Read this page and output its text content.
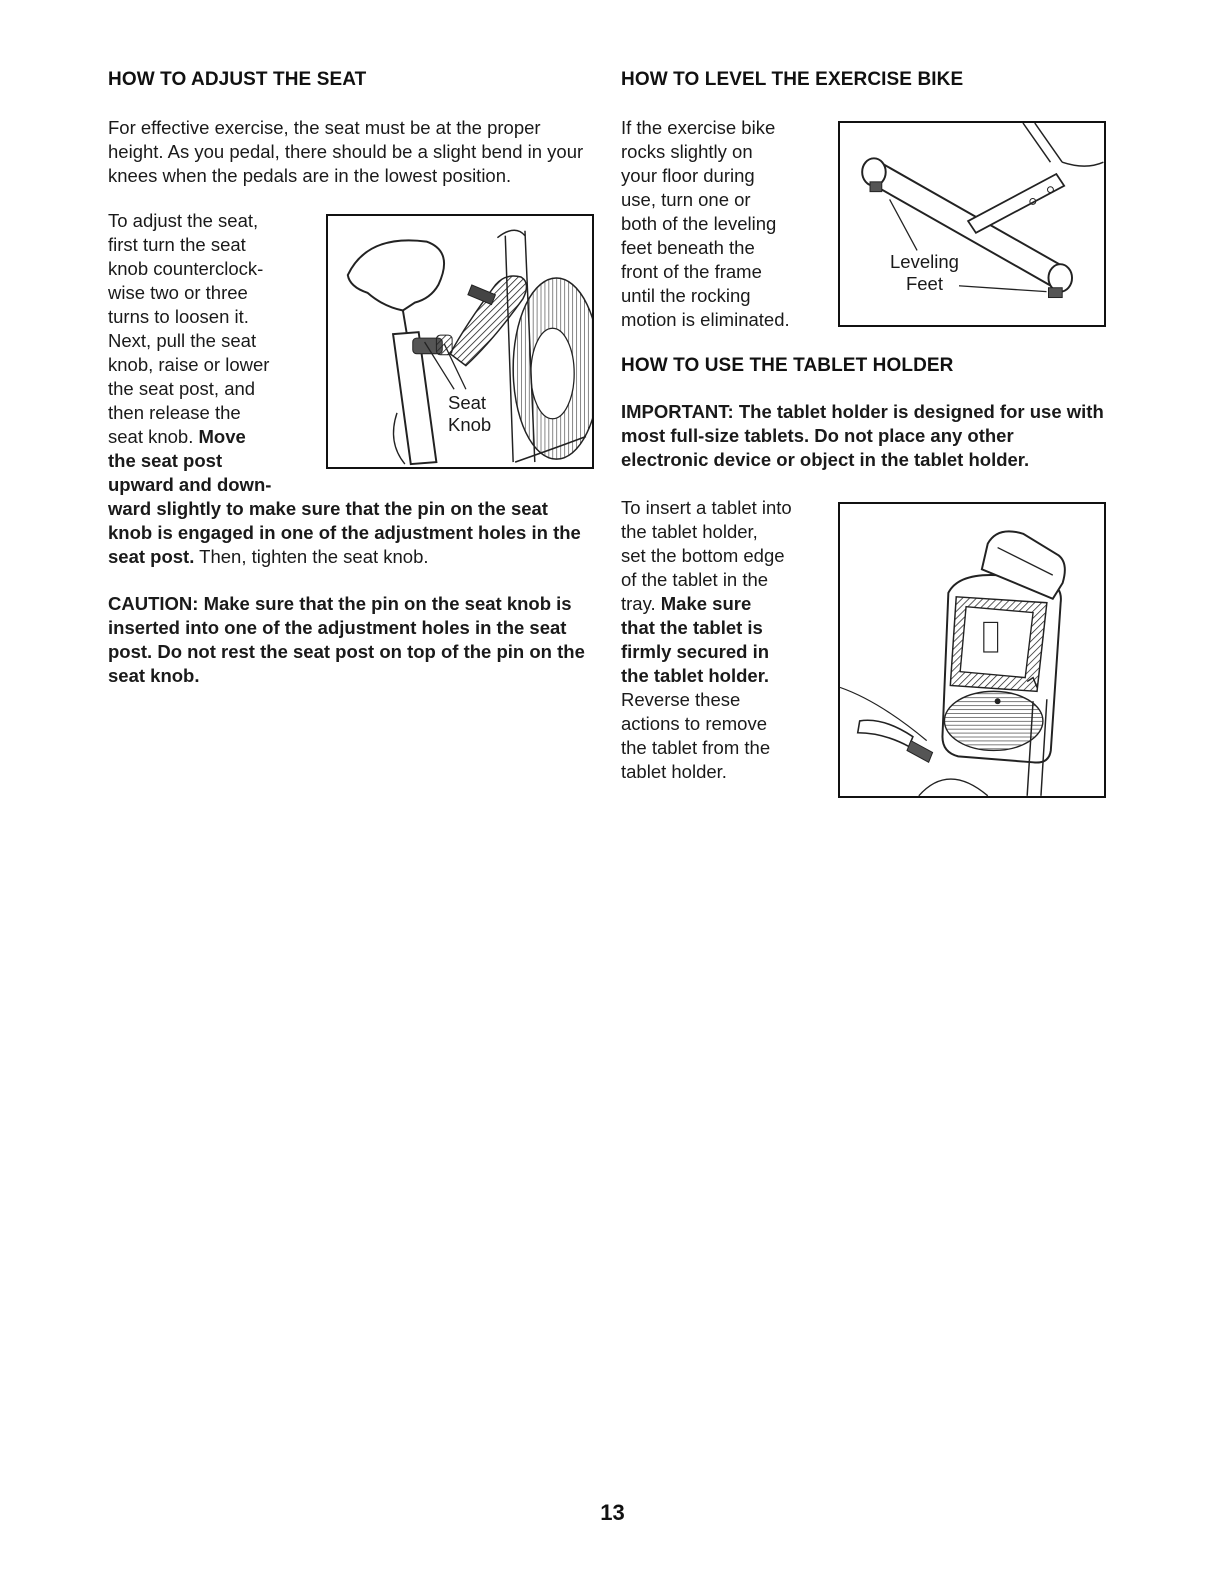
HOW TO ADJUST THE SEAT

For effective exercise, the seat must be at the proper height. As you pedal, there should be a slight bend in your knees when the pedals are in the lowest position.

To adjust the seat,
first turn the seat
knob counterclock-
wise two or three
turns to loosen it.
Next, pull the seat
knob, raise or lower
the seat post, and
then release the
seat knob. Move
the seat post
upward and down-

ward slightly to make sure that the pin on the seat knob is engaged in one of the adjustment holes in the seat post. Then, tighten the seat knob.

CAUTION: Make sure that the pin on the seat knob is inserted into one of the adjustment holes in the seat post. Do not rest the seat post on top of the pin on the seat knob.

Seat
Knob
HOW TO LEVEL THE EXERCISE BIKE
If the exercise bike
rocks slightly on
your floor during
use, turn one or
both of the leveling
feet beneath the
front of the frame
until the rocking
motion is eliminated.
Leveling
Feet
HOW TO USE THE TABLET HOLDER

IMPORTANT: The tablet holder is designed for use with most full-size tablets. Do not place any other electronic device or object in the tablet holder.

To insert a tablet into
the tablet holder,
set the bottom edge
of the tablet in the
tray. Make sure
that the tablet is
firmly secured in
the tablet holder.
Reverse these
actions to remove
the tablet from the
tablet holder.
13
